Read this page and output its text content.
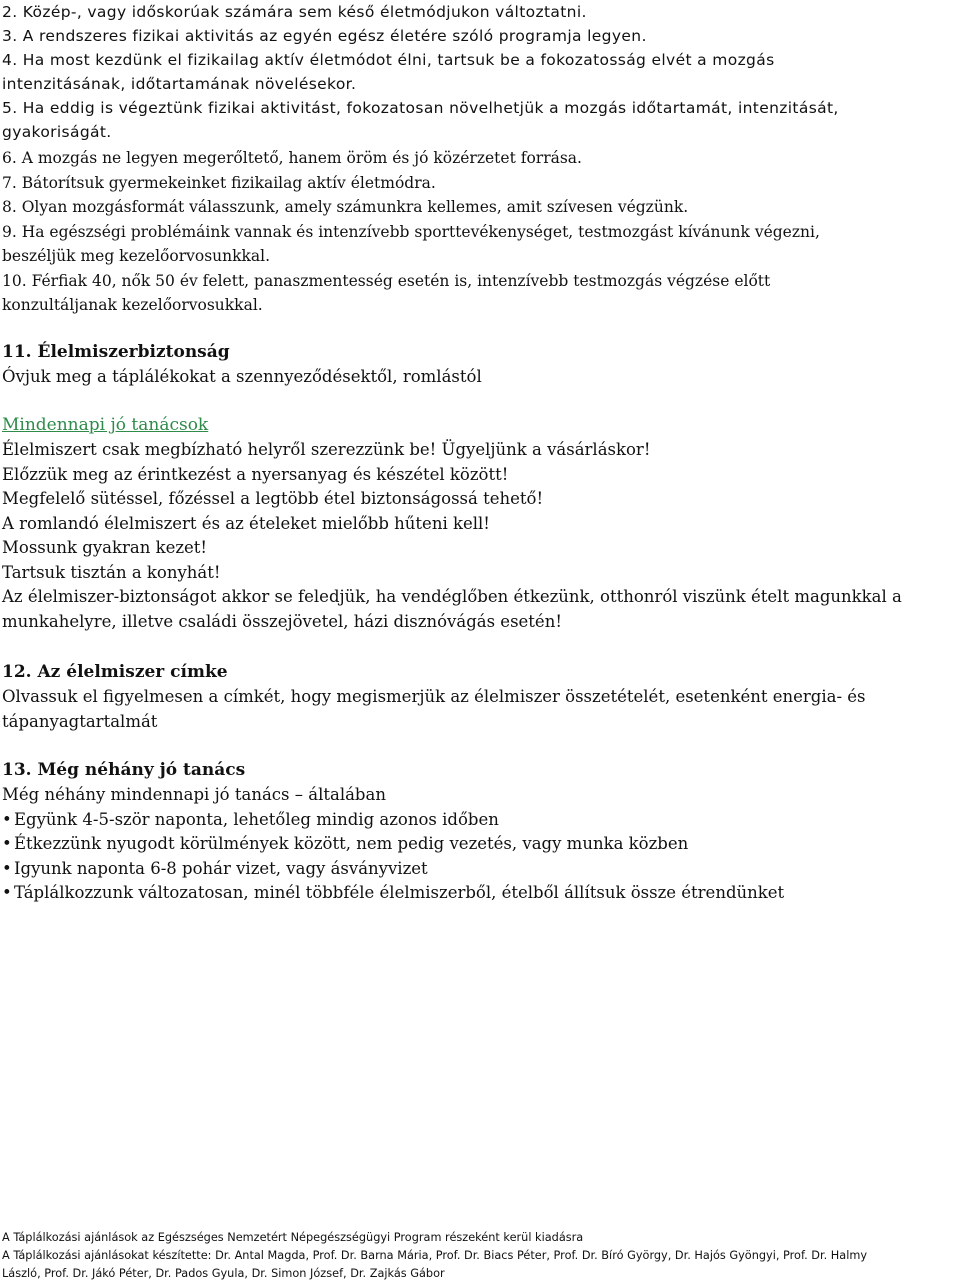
2. Közép-, vagy időskorúak számára sem késő életmódjukon változtatni.
3. A rendszeres fizikai aktivitás az egyén egész életére szóló programja legyen.
4. Ha most kezdünk el fizikailag aktív életmódot élni, tartsuk be a fokozatosság elvét a mozgás
intenzitásának, időtartamának növelésekor.
5. Ha eddig is végeztünk fizikai aktivitást, fokozatosan növelhetjük a mozgás időtartamát, intenzitását,
gyakoriságát.
6. A mozgás ne legyen megerőltető, hanem öröm és jó közérzetet forrása.
7. Bátorítsuk gyermekeinket fizikailag aktív életmódra.
8. Olyan mozgásformát válasszunk, amely számunkra kellemes, amit szívesen végzünk.
9. Ha egészségi problémáink vannak és intenzívebb sporttevékenységet, testmozgást kívánunk végezni,
beszéljük meg kezelőorvosunkkal.
10. Férfiak 40, nők 50 év felett, panaszmentesség esetén is, intenzívebb testmozgás végzése előtt
konzultáljanak kezelőorvosukkal.
11. Élelmiszerbiztonság
Óvjuk meg a táplálékokat a szennyeződésektől, romlástól
Mindennapi jó tanácsok
Élelmiszert csak megbízható helyről szerezzünk be! Ügyeljünk a vásárláskor!
Előzzük meg az érintkezést a nyersanyag és készétel között!
Megfelelő sütéssel, főzéssel a legtöbb étel biztonságossá tehető!
A romlandó élelmiszert és az ételeket mielőbb hűteni kell!
Mossunk gyakran kezet!
Tartsuk tisztán a konyhát!
Az élelmiszer-biztonságot akkor se feledjük, ha vendéglőben étkezünk, otthonról viszünk ételt magunkkal a
munkahelyre, illetve családi összejövetel, házi disznóvágás esetén!
12. Az élelmiszer címke
Olvassuk el figyelmesen a címkét, hogy megismerjük az élelmiszer összetételét, esetenként energia- és
tápanyagtartalmát
13. Még néhány jó tanács
Még néhány mindennapi jó tanács – általában
• Együnk 4-5-ször naponta, lehetőleg mindig azonos időben
• Étkezzünk nyugodt körülmények között, nem pedig vezetés, vagy munka közben
• Igyunk naponta 6-8 pohár vizet, vagy ásványvizet
• Táplálkozzunk változatosan, minél többféle élelmiszerből, ételből állítsuk össze étrendünket
A Táplálkozási ajánlások az Egészséges Nemzetért Népegészségügyi Program részeként kerül kiadásra
A Táplálkozási ajánlásokat készítette: Dr. Antal Magda, Prof. Dr. Barna Mária, Prof. Dr. Biacs Péter, Prof. Dr. Bíró György, Dr. Hajós Gyöngyi, Prof. Dr. Halmy
László, Prof. Dr. Jákó Péter, Dr. Pados Gyula, Dr. Simon József, Dr. Zajkás Gábor
